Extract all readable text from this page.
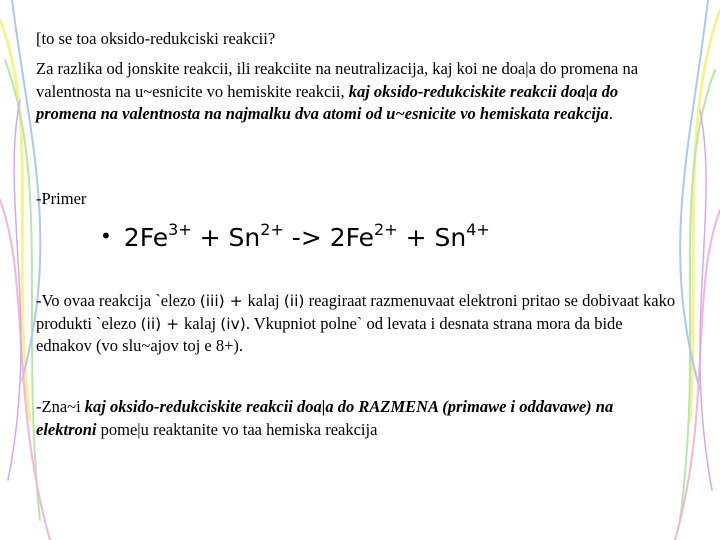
[to se toa oksido-redukciski reakcii?

Za razlika od jonskite reakcii, ili reakciite na neutralizacija, kaj koi ne doa|a do promena na valentnosta na u~esnicite vo hemiskite reakcii, kaj oksido-redukciskite reakcii doa|a do promena na valentnosta na najmalku dva atomi od u~esnicite vo hemiskata reakcija.

-Primer

• $2Fe^{3+} + Sn^{2+} -> 2Fe^{2+} + Sn^{4+}$

-Vo ovaa reakcija `elezo (iii) + kalaj (ii) reagiraat razmenuvaat elektroni pritao se dobivaat kako produkti `elezo (ii) + kalaj (iv). Vkupniot polne` od levata i desnata strana mora da bide ednakov (vo slu~ajov toj e 8+).

-Zna~i kaj oksido-redukciskite reakcii doa|a do RAZMENA (primawe i oddavawe) na elektroni pome|u reaktanite vo taa hemiska reakcija
